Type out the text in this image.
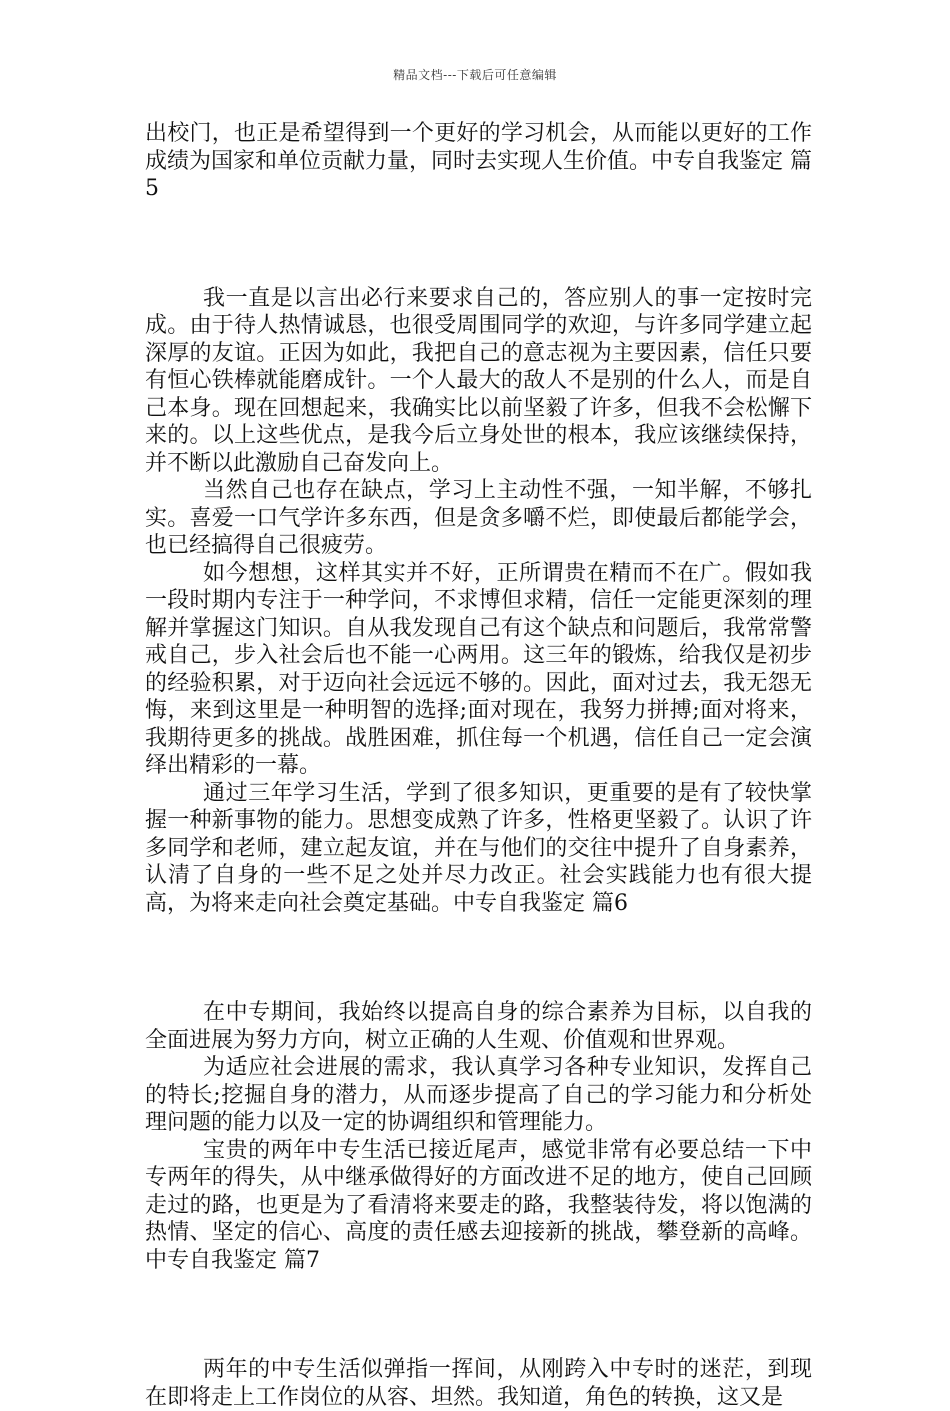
精品文档---下载后可任意编辑

出校门，也正是希望得到一个更好的学习机会，从而能以更好的工作成绩为国家和单位贡献力量，同时去实现人生价值。中专自我鉴定 篇5

我一直是以言出必行来要求自己的，答应别人的事一定按时完成。由于待人热情诚恳，也很受周围同学的欢迎，与许多同学建立起深厚的友谊。正因为如此，我把自己的意志视为主要因素，信任只要有恒心铁棒就能磨成针。一个人最大的敌人不是别的什么人，而是自己本身。现在回想起来，我确实比以前坚毅了许多，但我不会松懈下来的。以上这些优点，是我今后立身处世的根本，我应该继续保持，并不断以此激励自己奋发向上。

当然自己也存在缺点，学习上主动性不强，一知半解，不够扎实。喜爱一口气学许多东西，但是贪多嚼不烂，即使最后都能学会，也已经搞得自己很疲劳。

如今想想，这样其实并不好，正所谓贵在精而不在广。假如我一段时期内专注于一种学问，不求博但求精，信任一定能更深刻的理解并掌握这门知识。自从我发现自己有这个缺点和问题后，我常常警戒自己，步入社会后也不能一心两用。这三年的锻炼，给我仅是初步的经验积累，对于迈向社会远远不够的。因此，面对过去，我无怨无悔，来到这里是一种明智的选择;面对现在，我努力拼搏;面对将来，我期待更多的挑战。战胜困难，抓住每一个机遇，信任自己一定会演绎出精彩的一幕。

通过三年学习生活，学到了很多知识，更重要的是有了较快掌握一种新事物的能力。思想变成熟了许多，性格更坚毅了。认识了许多同学和老师，建立起友谊，并在与他们的交往中提升了自身素养，认清了自身的一些不足之处并尽力改正。社会实践能力也有很大提高，为将来走向社会奠定基础。中专自我鉴定 篇6

在中专期间，我始终以提高自身的综合素养为目标，以自我的全面进展为努力方向，树立正确的人生观、价值观和世界观。

为适应社会进展的需求，我认真学习各种专业知识，发挥自己的特长;挖掘自身的潜力，从而逐步提高了自己的学习能力和分析处理问题的能力以及一定的协调组织和管理能力。

宝贵的两年中专生活已接近尾声，感觉非常有必要总结一下中专两年的得失，从中继承做得好的方面改进不足的地方，使自己回顾走过的路，也更是为了看清将来要走的路，我整装待发，将以饱满的热情、坚定的信心、高度的责任感去迎接新的挑战，攀登新的高峰。中专自我鉴定 篇7

两年的中专生活似弹指一挥间，从刚跨入中专时的迷茫，到现在即将走上工作岗位的从容、坦然。我知道，角色的转换，这又是
